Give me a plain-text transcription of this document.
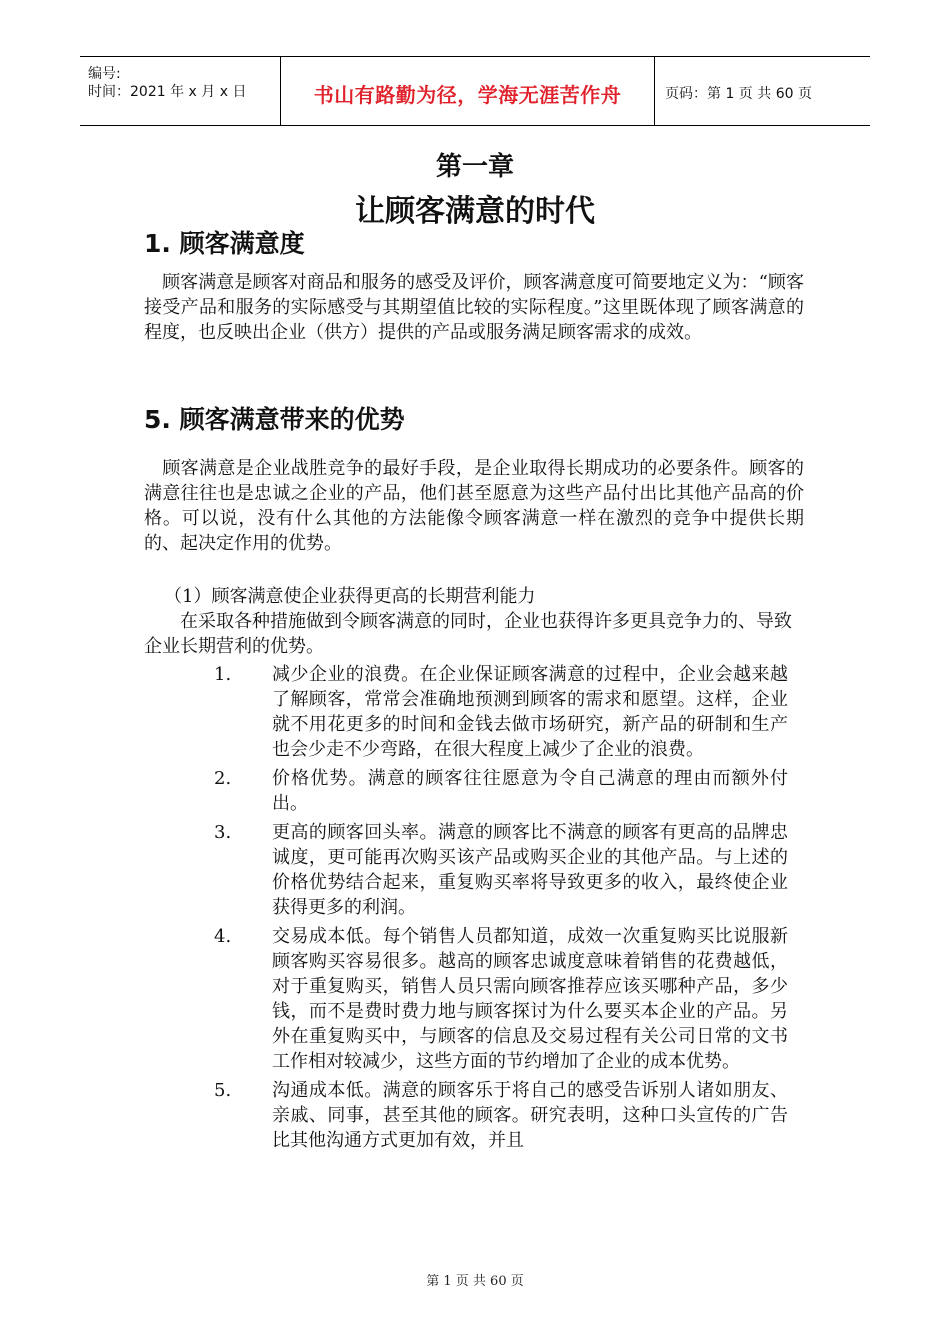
编号:
时间：2021 年 x 月 x 日	书山有路勤为径，学海无涯苦作舟	页码：第 1 页 共 60 页
第一章
让顾客满意的时代
1. 顾客满意度
　顾客满意是顾客对商品和服务的感受及评价，顾客满意度可简要地定义为：“顾客接受产品和服务的实际感受与其期望值比较的实际程度。”这里既体现了顾客满意的程度，也反映出企业（供方）提供的产品或服务满足顾客需求的成效。
5. 顾客满意带来的优势
　顾客满意是企业战胜竞争的最好手段，是企业取得长期成功的必要条件。顾客的满意往往也是忠诚之企业的产品，他们甚至愿意为这些产品付出比其他产品高的价格。可以说，没有什么其他的方法能像令顾客满意一样在激烈的竞争中提供长期的、起决定作用的优势。
（1）顾客满意使企业获得更高的长期营利能力
　　在采取各种措施做到令顾客满意的同时，企业也获得许多更具竞争力的、导致企业长期营利的优势。
1.	减少企业的浪费。在企业保证顾客满意的过程中，企业会越来越了解顾客，常常会准确地预测到顾客的需求和愿望。这样，企业就不用花更多的时间和金钱去做市场研究，新产品的研制和生产也会少走不少弯路，在很大程度上减少了企业的浪费。
2.	价格优势。满意的顾客往往愿意为令自己满意的理由而额外付出。
3.	更高的顾客回头率。满意的顾客比不满意的顾客有更高的品牌忠诚度，更可能再次购买该产品或购买企业的其他产品。与上述的价格优势结合起来，重复购买率将导致更多的收入，最终使企业获得更多的利润。
4.	交易成本低。每个销售人员都知道，成效一次重复购买比说服新顾客购买容易很多。越高的顾客忠诚度意味着销售的花费越低，对于重复购买，销售人员只需向顾客推荐应该买哪种产品，多少钱，而不是费时费力地与顾客探讨为什么要买本企业的产品。另外在重复购买中，与顾客的信息及交易过程有关公司日常的文书工作相对较减少，这些方面的节约增加了企业的成本优势。
5.	沟通成本低。满意的顾客乐于将自己的感受告诉别人诸如朋友、亲戚、同事，甚至其他的顾客。研究表明，这种口头宣传的广告比其他沟通方式更加有效，并且
第 1 页 共 60 页
